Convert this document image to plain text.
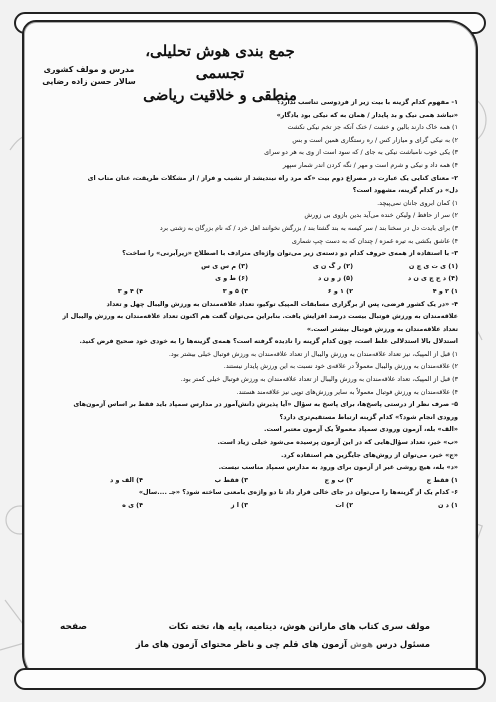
جمع بندی هوش تحلیلی، تجسمی
منطقی و خلاقیت ریاضی
مدرس و مولف کشوری
سالار حسن زاده رضایی

۱- مفهوم کدام گزینه با بیت زیر از فردوسی تناسب ندارد؟

«نباشد همی نیک و بد پایدار / همان به که نیکی بود یادگار»

۱) همه خاک دارند بالین و خشت / خنک آنکه جز تخم نیکی نکشت

۲) به نیکی گرای و میازار کس / ره رستگاری همین است و بس

۳) یکی خوب نامباشت نیکی به جای / که سود است از وی به هر دو سرای

۴) همه داد و نیکی و شرم است و مهر / نگه کردن اندر شمار سپهر

۲- معنای کنایی یک عبارت در مصراع دوم بیت «که مرد راه نیندیشد از نشیب و فراز / از مشکلات طریقت، عنان متاب ای

دل» در کدام گزینه، مشهود است؟

۱) کمان ابروی جانان نمی‌پیچد.

۲) سر از حافظ / ولیکن خنده می‌آید بدین بازوی بی زورش

۳) برای بایدت دل در سخنا بند / سر کیسه به بند گشتا بند / بزرگش نخوانند اهل خرد / که نام بزرگان به زشتی برد

۴) عاشق بکشی به تیره غمزه / چندان که به دست چپ شماری

۳- با استفاده از همه‌ی حروف کدام دو دسته‌ی زیر می‌توان واژه‌ای مترادف با اصطلاح «زیرآبرنی» را ساخت؟

(۱) ی ت ی چ ن
(۲) ر گ ن ی
(۳) م س ی س
(۴) د ج چ ی ن د
(۵) ز و ن د
(۶) ط و ی
۱) ۲ و ۴
۲) ۱ و ۶
۳) ۵ و ۳
۴) ۴ و ۳

۴- «در یک کشور فرضی، پس از برگزاری مسابقات المپیک توکیو، تعداد علاقه‌مندان به ورزش والیبال چهل و تعداد

علاقه‌مندان به ورزش فوتبال بیست درصد افزایش یافت. بنابراین می‌توان گفت هم اکنون تعداد علاقه‌مندان به ورزش والیبال از

تعداد علاقه‌مندان به ورزش فوتبال بیشتر است.»

استدلال بالا استدلالی غلط است، چون کدام گزینه را نادیده گرفته است؟ همه‌ی گزینه‌ها را به خودی خود صحیح فرض کنید.

۱) قبل از المپیک، نیز تعداد علاقه‌مندان به ورزش والیبال از تعداد علاقه‌مندان به ورزش فوتبال خیلی بیشتر بود.

۲) علاقه‌مندان به ورزش والیبال معمولاً در علاقه‌ی خود نسبت به این ورزش پایدار نیستند.

۳) قبل از المپیک، تعداد علاقه‌مندان به ورزش والیبال از تعداد علاقه‌مندان به ورزش فوتبال خیلی کمتر بود.

۴) علاقه‌مندان به ورزش فوتبال معمولاً به سایر ورزش‌های توپی نیز علاقه‌مند هستند.

۵- صرف نظر از درستی پاسخ‌ها، برای پاسخ به سؤال «آیا پذیرش دانش‌آموز در مدارس سمپاد باید فقط بر اساس آزمون‌های

ورودی انجام شود؟» کدام گزینه ارتباط مستقیم‌تری دارد؟

«الف» بله، آزمون ورودی سمپاد معمولاً یک آزمون معتبر است.

«ب» خیر، تعداد سؤال‌هایی که در این آزمون پرسیده می‌شود خیلی زیاد است.

«ج» خیر، می‌توان از روش‌های جایگزین هم استفاده کرد.

«د» بله، هیچ روشی غیر از آزمون برای ورود به مدارس سمپاد مناسب نیست.

۱) فقط ج
۲) ب و ج
۳) فقط ب
۴) الف و د

۶- کدام یک از گزینه‌ها را می‌توان در جای خالی قرار داد تا دو واژه‌ی بامعنی ساخته شود؟ «جـ ....سال»

۱) د ن
۲) ات
۳) ا ز
۴) ی ه
صفحه	مولف سری کتاب های ماراتن هوش، دیتامیه، پایه ها، تخته تکات
مسئول درس هوش آزمون های قلم چی و ناظر محتوای آزمون های ماز
